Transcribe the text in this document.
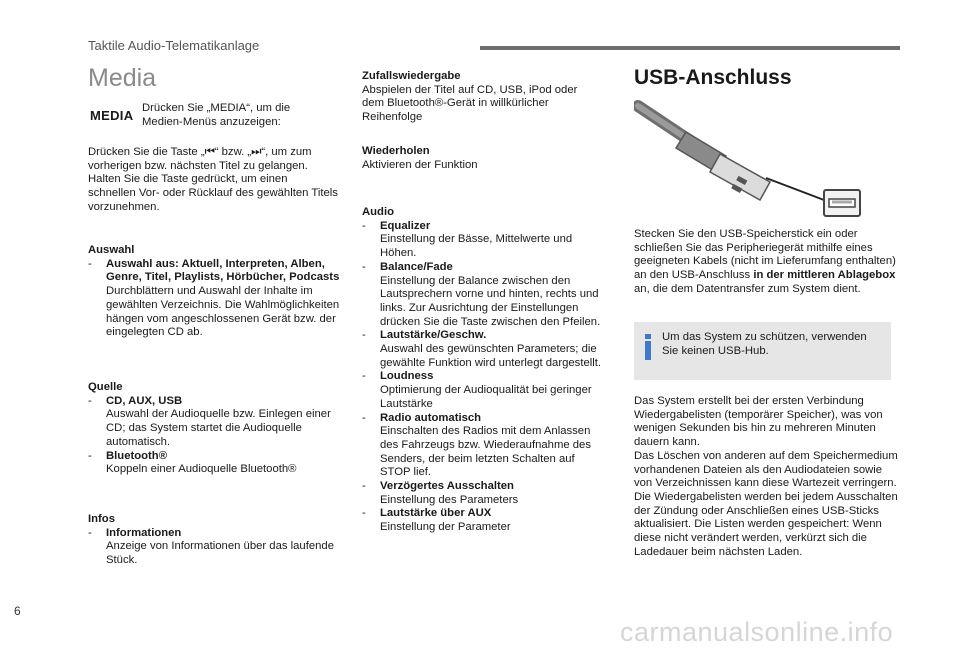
Taktile Audio-Telematikanlage
Media
MEDIA Drücken Sie „MEDIA“, um die Medien-Menüs anzuzeigen:
Drücken Sie die Taste „⏮“ bzw. „⏭“, um zum
vorherigen bzw. nächsten Titel zu gelangen.
Halten Sie die Taste gedrückt, um einen
schnellen Vor- oder Rücklauf des gewählten Titels
vorzunehmen.
Auswahl
- Auswahl aus: Aktuell, Interpreten, Alben, Genre, Titel, Playlists, Hörbücher, Podcasts
Durchblättern und Auswahl der Inhalte im gewählten Verzeichnis. Die Wahlmöglichkeiten hängen vom angeschlossenen Gerät bzw. der eingelegten CD ab.
Quelle
- CD, AUX, USB
Auswahl der Audioquelle bzw. Einlegen einer CD; das System startet die Audioquelle automatisch.
- Bluetooth®
Koppeln einer Audioquelle Bluetooth®
Infos
- Informationen
Anzeige von Informationen über das laufende Stück.
Zufallswiedergabe
Abspielen der Titel auf CD, USB, iPod oder dem Bluetooth®-Gerät in willkürlicher Reihenfolge
Wiederholen
Aktivieren der Funktion
Audio
- Equalizer
Einstellung der Bässe, Mittelwerte und Höhen.
- Balance/Fade
Einstellung der Balance zwischen den Lautsprechern vorne und hinten, rechts und links. Zur Ausrichtung der Einstellungen drücken Sie die Taste zwischen den Pfeilen.
- Lautstärke/Geschw.
Auswahl des gewünschten Parameters; die gewählte Funktion wird unterlegt dargestellt.
- Loudness
Optimierung der Audioqualität bei geringer Lautstärke
- Radio automatisch
Einschalten des Radios mit dem Anlassen des Fahrzeugs bzw. Wiederaufnahme des Senders, der beim letzten Schalten auf STOP lief.
- Verzögertes Ausschalten
Einstellung des Parameters
- Lautstärke über AUX
Einstellung der Parameter
USB-Anschluss
Stecken Sie den USB-Speicherstick ein oder schließen Sie das Peripheriegerät mithilfe eines geeigneten Kabels (nicht im Lieferumfang enthalten) an den USB-Anschluss in der mittleren Ablagebox an, die dem Datentransfer zum System dient.
Um das System zu schützen, verwenden Sie keinen USB-Hub.
Das System erstellt bei der ersten Verbindung Wiedergabelisten (temporärer Speicher), was von wenigen Sekunden bis hin zu mehreren Minuten dauern kann.
Das Löschen von anderen auf dem Speichermedium vorhandenen Dateien als den Audiodateien sowie von Verzeichnissen kann diese Wartezeit verringern.
Die Wiedergabelisten werden bei jedem Ausschalten der Zündung oder Anschließen eines USB-Sticks aktualisiert. Die Listen werden gespeichert: Wenn diese nicht verändert werden, verkürzt sich die Ladedauer beim nächsten Laden.
6
carmanualsonline.info
